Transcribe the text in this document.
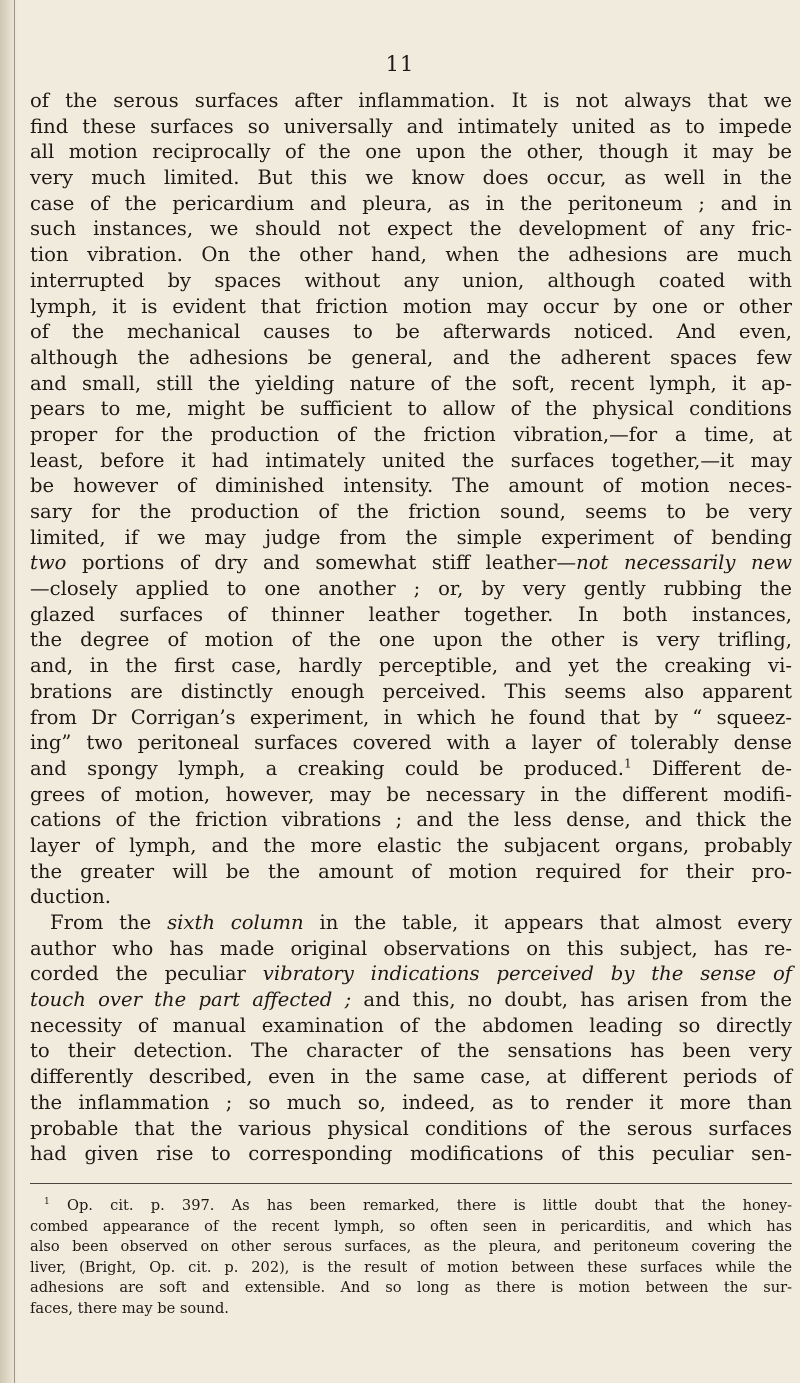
11
of the serous surfaces after inflammation. It is not always that we
find these surfaces so universally and intimately united as to impede
all motion reciprocally of the one upon the other, though it may be
very much limited. But this we know does occur, as well in the
case of the pericardium and pleura, as in the peritoneum ; and in
such instances, we should not expect the development of any fric-
tion vibration. On the other hand, when the adhesions are much
interrupted by spaces without any union, although coated with
lymph, it is evident that friction motion may occur by one or other
of the mechanical causes to be afterwards noticed. And even,
although the adhesions be general, and the adherent spaces few
and small, still the yielding nature of the soft, recent lymph, it ap-
pears to me, might be sufficient to allow of the physical conditions
proper for the production of the friction vibration,—for a time, at
least, before it had intimately united the surfaces together,—it may
be however of diminished intensity. The amount of motion neces-
sary for the production of the friction sound, seems to be very
limited, if we may judge from the simple experiment of bending
two portions of dry and somewhat stiff leather—not necessarily new
—closely applied to one another ; or, by very gently rubbing the
glazed surfaces of thinner leather together. In both instances,
the degree of motion of the one upon the other is very trifling,
and, in the first case, hardly perceptible, and yet the creaking vi-
brations are distinctly enough perceived. This seems also apparent
from Dr Corrigan’s experiment, in which he found that by “ squeez-
ing” two peritoneal surfaces covered with a layer of tolerably dense
and spongy lymph, a creaking could be produced.$^1$ Different de-
grees of motion, however, may be necessary in the different modifi-
cations of the friction vibrations ; and the less dense, and thick the
layer of lymph, and the more elastic the subjacent organs, probably
the greater will be the amount of motion required for their pro-
duction.
From the sixth column in the table, it appears that almost every
author who has made original observations on this subject, has re-
corded the peculiar vibratory indications perceived by the sense of
touch over the part affected ; and this, no doubt, has arisen from the
necessity of manual examination of the abdomen leading so directly
to their detection. The character of the sensations has been very
differently described, even in the same case, at different periods of
the inflammation ; so much so, indeed, as to render it more than
probable that the various physical conditions of the serous surfaces
had given rise to corresponding modifications of this peculiar sen-
$^1$ Op. cit. p. 397. As has been remarked, there is little doubt that the honey-
combed appearance of the recent lymph, so often seen in pericarditis, and which has
also been observed on other serous surfaces, as the pleura, and peritoneum covering the
liver, (Bright, Op. cit. p. 202), is the result of motion between these surfaces while the
adhesions are soft and extensible. And so long as there is motion between the sur-
faces, there may be sound.
